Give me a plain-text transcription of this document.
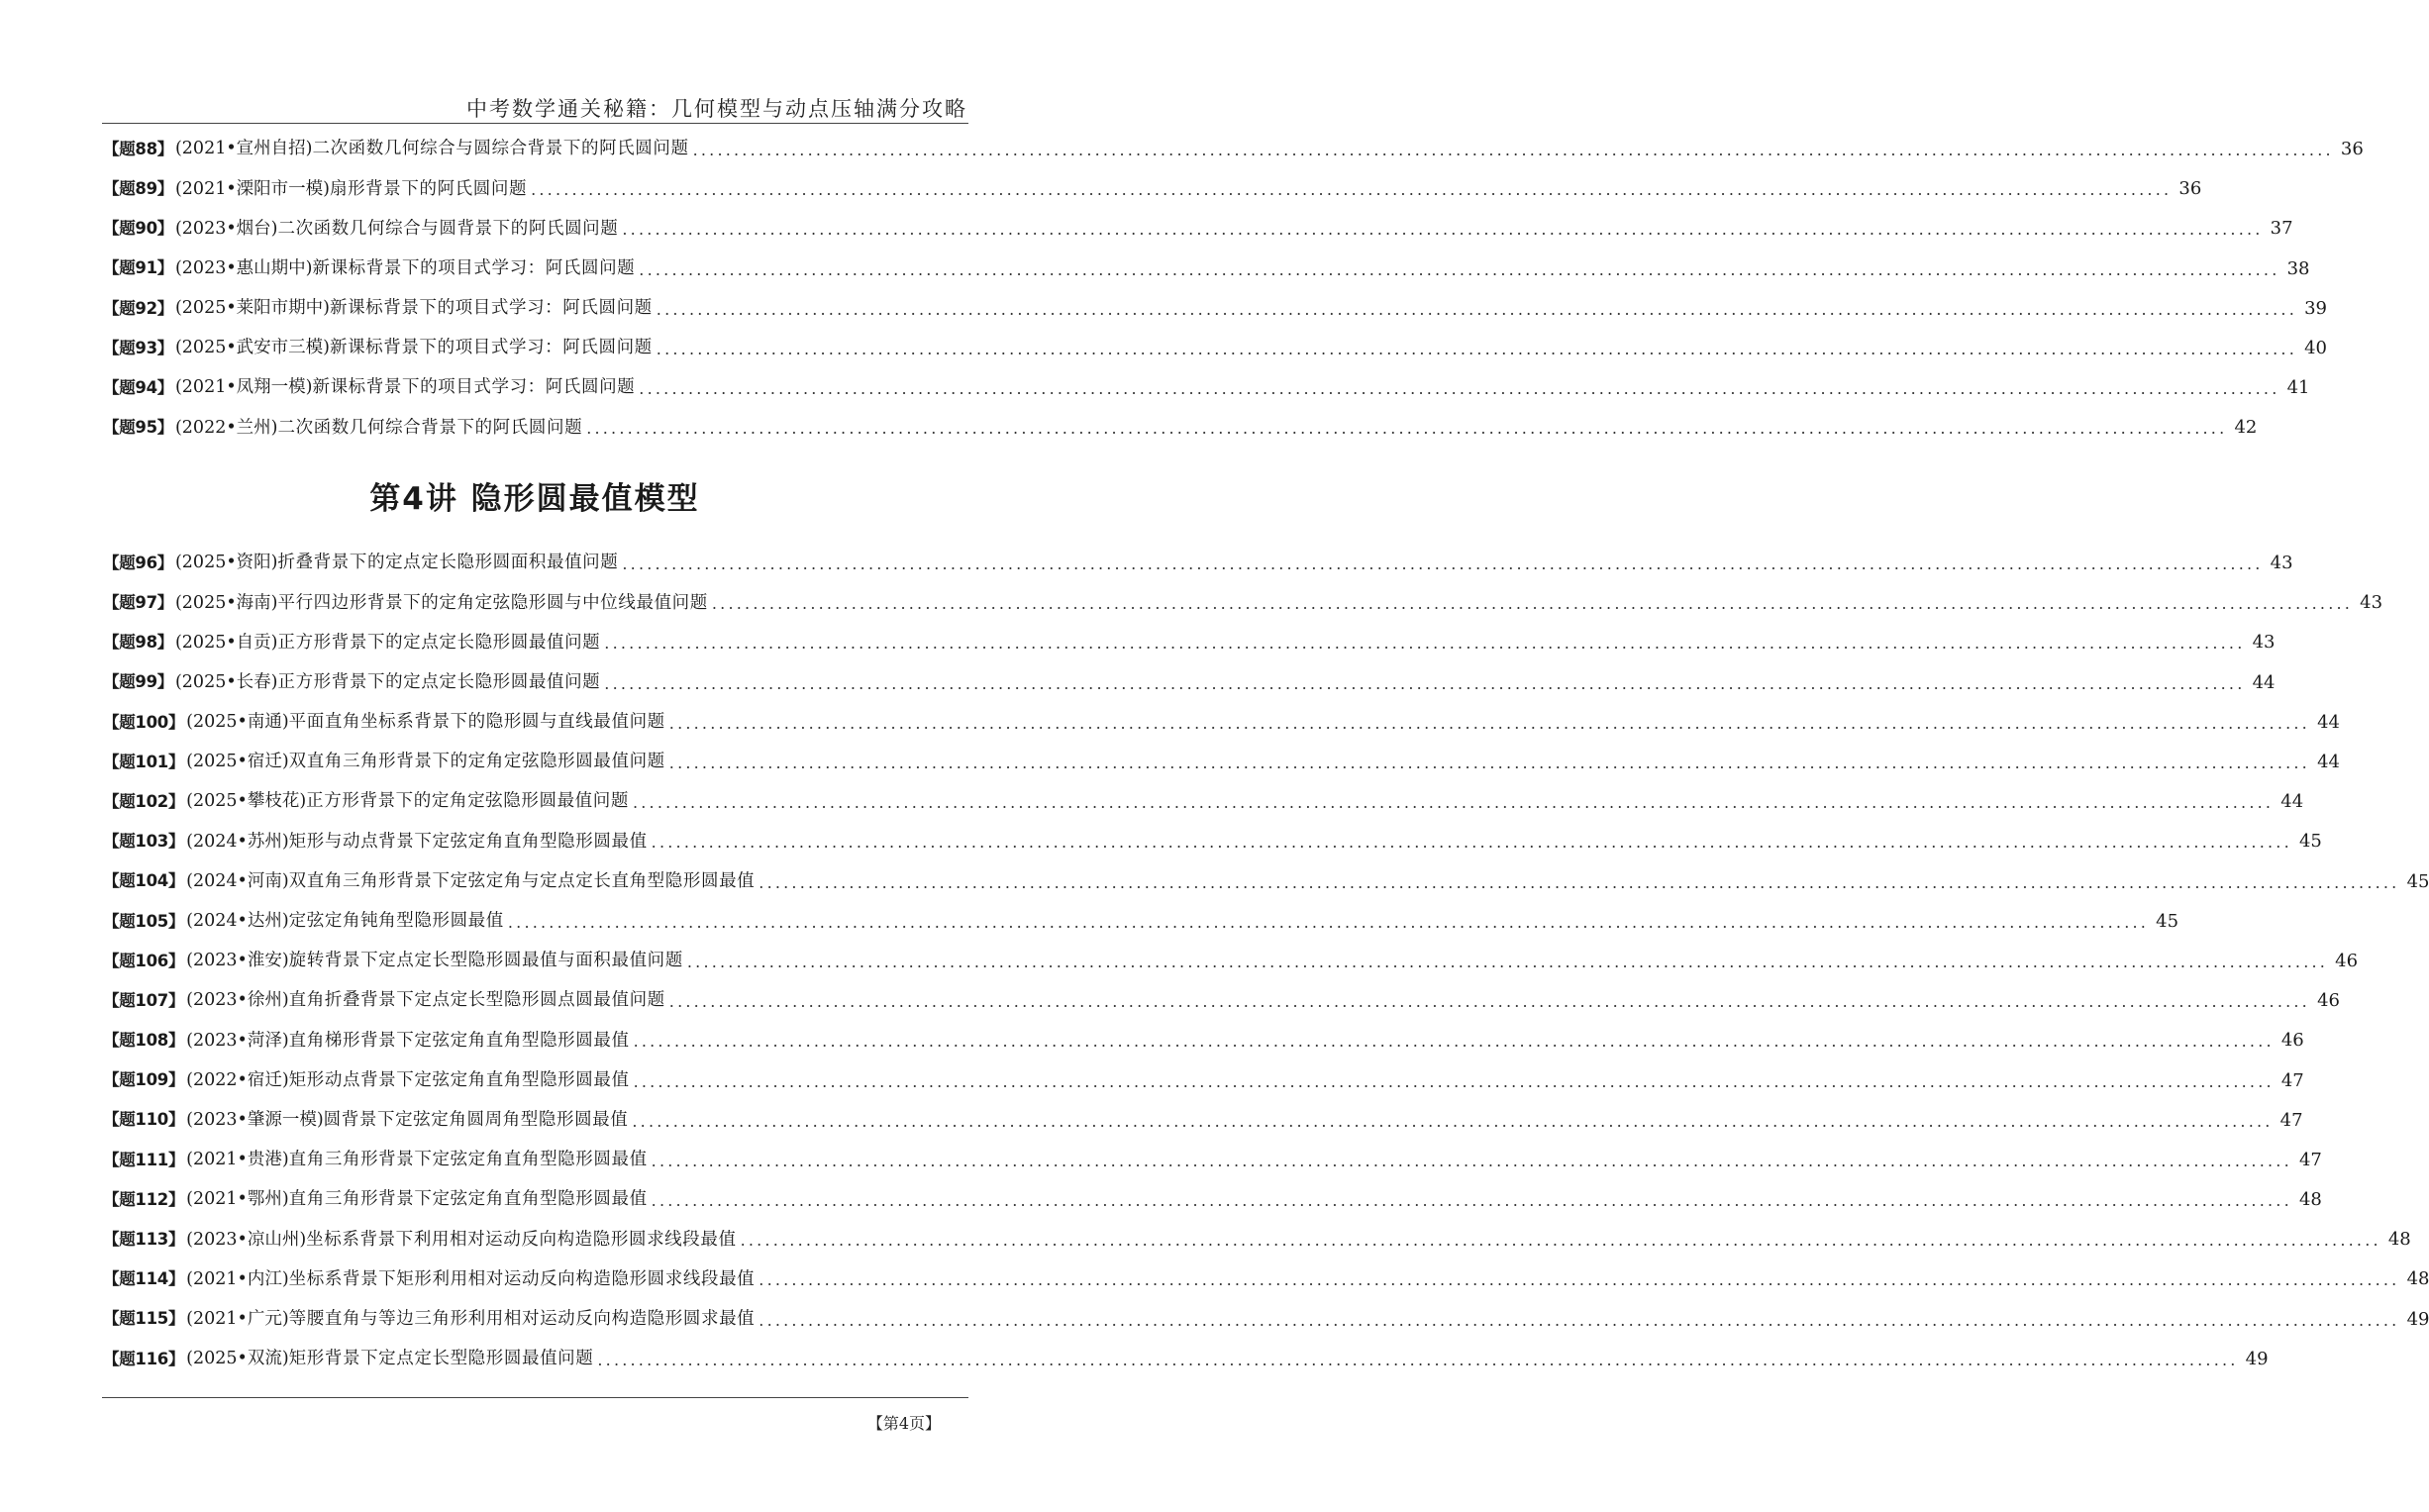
中考数学通关秘籍：几何模型与动点压轴满分攻略
【题88】 (2021•宣州自招) 二次函数几何综合与圆综合背景下的阿氏圆问题 ........................................................................................................................................................................................................ 36
【题89】 (2021•溧阳市一模) 扇形背景下的阿氏圆问题 ........................................................................................................................................................................................................ 36
【题90】 (2023•烟台) 二次函数几何综合与圆背景下的阿氏圆问题 ........................................................................................................................................................................................................ 37
【题91】 (2023•惠山期中) 新课标背景下的项目式学习：阿氏圆问题 ........................................................................................................................................................................................................ 38
【题92】 (2025•莱阳市期中) 新课标背景下的项目式学习：阿氏圆问题 ........................................................................................................................................................................................................ 39
【题93】 (2025•武安市三模) 新课标背景下的项目式学习：阿氏圆问题 ........................................................................................................................................................................................................ 40
【题94】 (2021•凤翔一模) 新课标背景下的项目式学习：阿氏圆问题 ........................................................................................................................................................................................................ 41
【题95】 (2022•兰州) 二次函数几何综合背景下的阿氏圆问题 ........................................................................................................................................................................................................ 42
第4讲 隐形圆最值模型
【题96】 (2025•资阳) 折叠背景下的定点定长隐形圆面积最值问题 ........................................................................................................................................................................................................ 43
【题97】 (2025•海南) 平行四边形背景下的定角定弦隐形圆与中位线最值问题 ........................................................................................................................................................................................................ 43
【题98】 (2025•自贡) 正方形背景下的定点定长隐形圆最值问题 ........................................................................................................................................................................................................ 43
【题99】 (2025•长春) 正方形背景下的定点定长隐形圆最值问题 ........................................................................................................................................................................................................ 44
【题100】 (2025•南通) 平面直角坐标系背景下的隐形圆与直线最值问题 ........................................................................................................................................................................................................ 44
【题101】 (2025•宿迁) 双直角三角形背景下的定角定弦隐形圆最值问题 ........................................................................................................................................................................................................ 44
【题102】 (2025•攀枝花) 正方形背景下的定角定弦隐形圆最值问题 ........................................................................................................................................................................................................ 44
【题103】 (2024•苏州) 矩形与动点背景下定弦定角直角型隐形圆最值 ........................................................................................................................................................................................................ 45
【题104】 (2024•河南) 双直角三角形背景下定弦定角与定点定长直角型隐形圆最值 ........................................................................................................................................................................................................ 45
【题105】 (2024•达州) 定弦定角钝角型隐形圆最值 ........................................................................................................................................................................................................ 45
【题106】 (2023•淮安) 旋转背景下定点定长型隐形圆最值与面积最值问题 ........................................................................................................................................................................................................ 46
【题107】 (2023•徐州) 直角折叠背景下定点定长型隐形圆点圆最值问题 ........................................................................................................................................................................................................ 46
【题108】 (2023•菏泽) 直角梯形背景下定弦定角直角型隐形圆最值 ........................................................................................................................................................................................................ 46
【题109】 (2022•宿迁) 矩形动点背景下定弦定角直角型隐形圆最值 ........................................................................................................................................................................................................ 47
【题110】 (2023•肇源一模) 圆背景下定弦定角圆周角型隐形圆最值 ........................................................................................................................................................................................................ 47
【题111】 (2021•贵港) 直角三角形背景下定弦定角直角型隐形圆最值 ........................................................................................................................................................................................................ 47
【题112】 (2021•鄂州) 直角三角形背景下定弦定角直角型隐形圆最值 ........................................................................................................................................................................................................ 48
【题113】 (2023•凉山州) 坐标系背景下利用相对运动反向构造隐形圆求线段最值 ........................................................................................................................................................................................................ 48
【题114】 (2021•内江) 坐标系背景下矩形利用相对运动反向构造隐形圆求线段最值 ........................................................................................................................................................................................................ 48
【题115】 (2021•广元) 等腰直角与等边三角形利用相对运动反向构造隐形圆求最值 ........................................................................................................................................................................................................ 49
【题116】 (2025•双流) 矩形背景下定点定长型隐形圆最值问题 ........................................................................................................................................................................................................ 49
【第4页】
